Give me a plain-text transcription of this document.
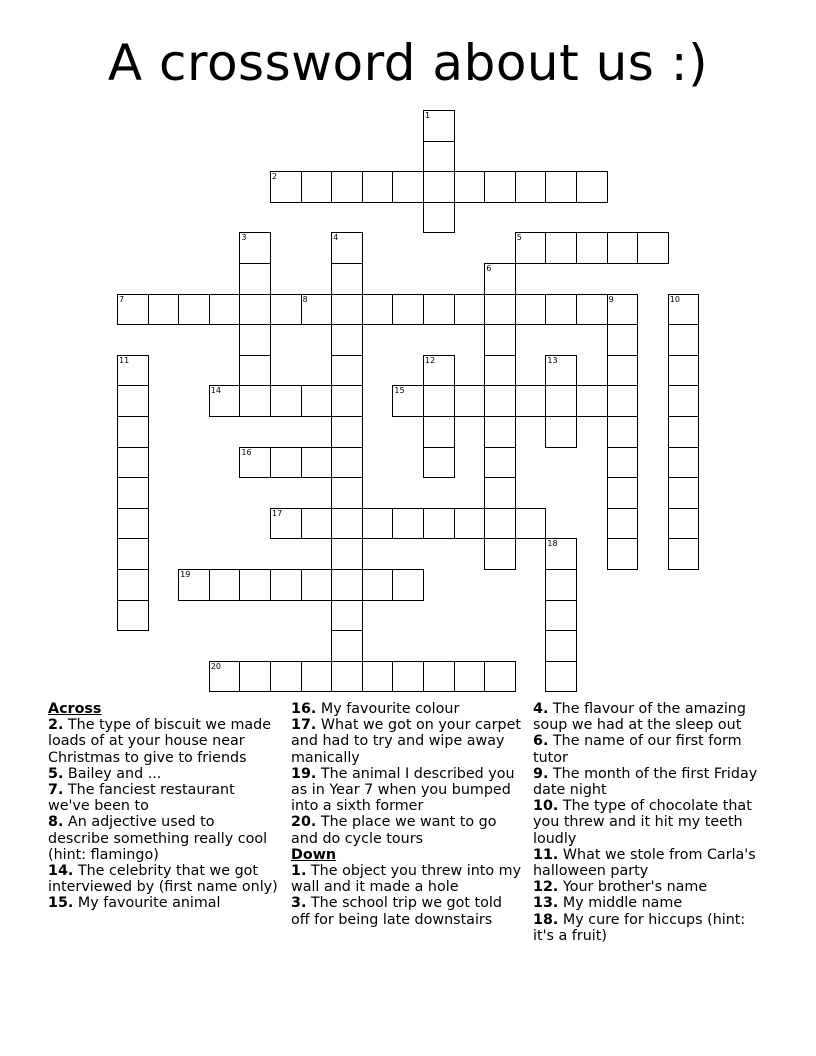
A crossword about us :)
1
2
3	4	5
6
7	8	9	10
11	12	13
14	15
16
17
18
19
20
Across
2. The type of biscuit we made loads of at your house near Christmas to give to friends
5. Bailey and ...
7. The fanciest restaurant we've been to
8. An adjective used to describe something really cool (hint: flamingo)
14. The celebrity that we got interviewed by (first name only)
15. My favourite animal
16. My favourite colour
17. What we got on your carpet and had to try and wipe away manically
19. The animal I described you as in Year 7 when you bumped into a sixth former
20. The place we want to go and do cycle tours
Down
1. The object you threw into my wall and it made a hole
3. The school trip we got told off for being late downstairs
4. The flavour of the amazing soup we had at the sleep out
6. The name of our first form tutor
9. The month of the first Friday date night
10. The type of chocolate that you threw and it hit my teeth loudly
11. What we stole from Carla's halloween party
12. Your brother's name
13. My middle name
18. My cure for hiccups (hint: it's a fruit)
